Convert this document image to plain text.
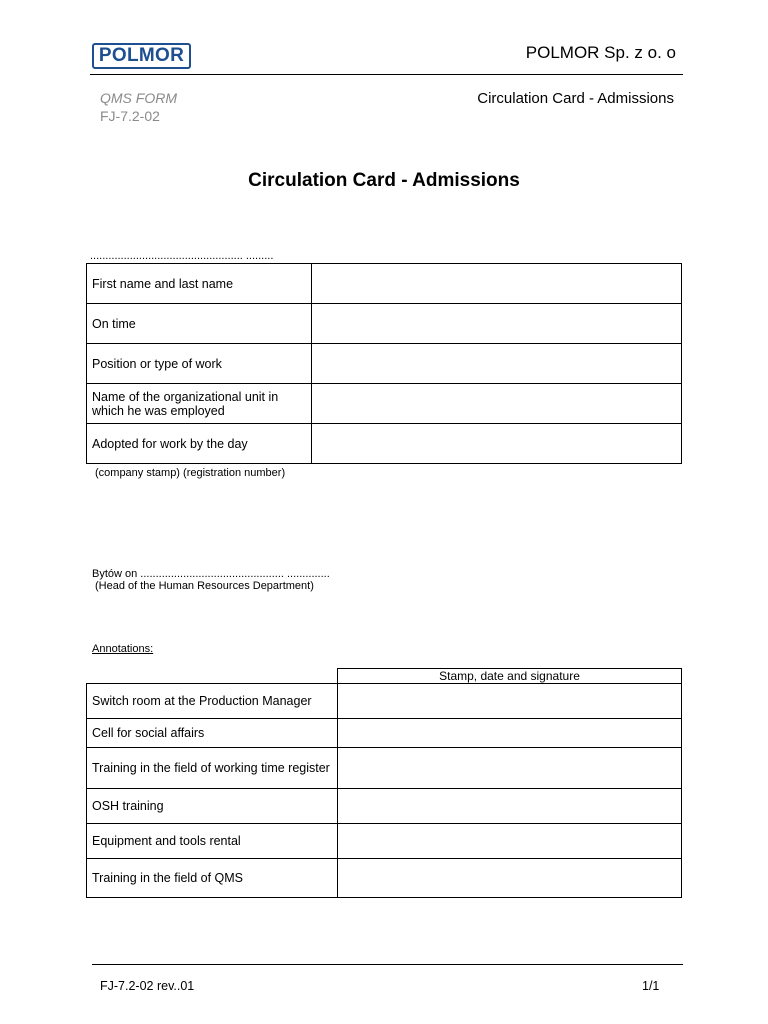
POLMOR	POLMOR Sp. z o. o
QMS FORM
FJ-7.2-02
Circulation Card - Admissions
Circulation Card - Admissions
.................................................. .........
First name and last name	
On time	
Position or type of work	
Name of the organizational unit in which he was employed	
Adopted for work by the day	
(company stamp) (registration number)
Bytów on ............................................... ..............
(Head of the Human Resources Department)
Annotations:
	Stamp, date and signature
Switch room at the Production Manager	
Cell for social affairs	
Training in the field of working time register	
OSH training	
Equipment and tools rental	
Training in the field of QMS	
FJ-7.2-02 rev..01	1/1
